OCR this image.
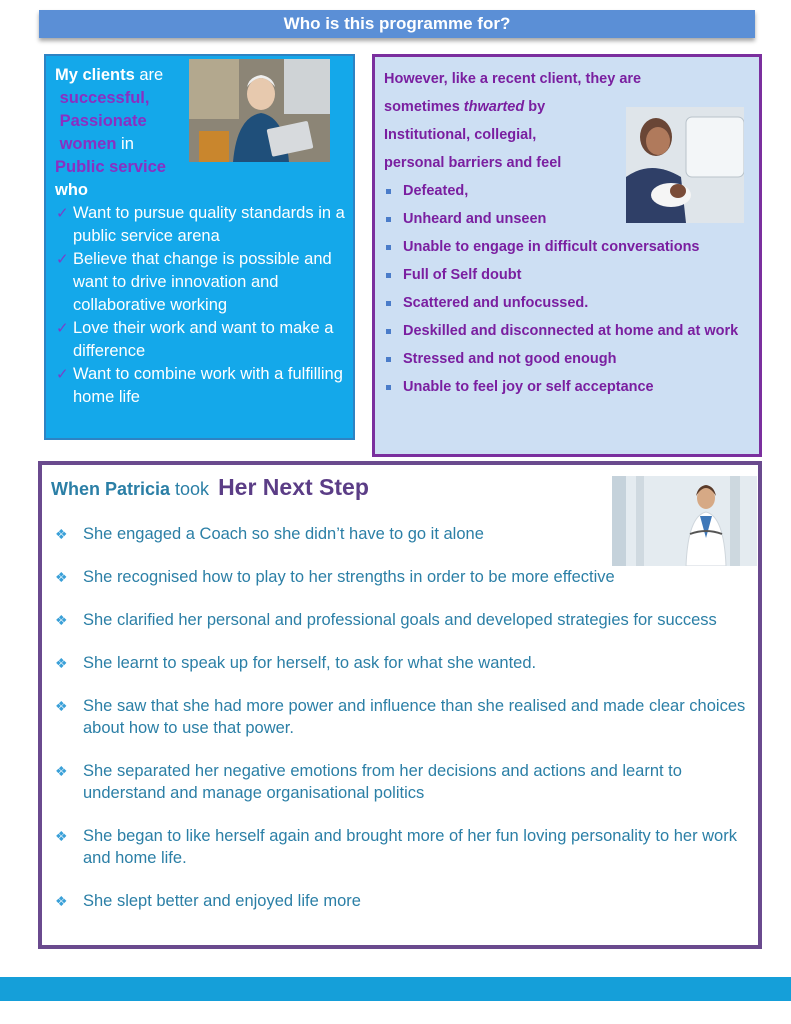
Who is this programme for?
My clients are
successful,
Passionate
women in
Public service
who
✓ Want to pursue quality standards in a public service arena
✓ Believe that change is possible and want to drive innovation and collaborative working
✓ Love their work and want to make a difference
✓ Want to combine work with a fulfilling home life
However, like a recent client, they are
sometimes thwarted by
Institutional, collegial,
personal barriers and feel
Defeated,
Unheard and unseen
Unable to engage in difficult conversations
Full of Self doubt
Scattered and unfocussed.
Deskilled and disconnected at home and at work
Stressed and not good enough
Unable to feel joy or self acceptance
When Patricia took Her Next Step
❖ She engaged a Coach so she didn’t have to go it alone
❖ She recognised how to play to her strengths in order to be more effective
❖ She clarified her personal and professional goals and developed strategies for success
❖ She learnt to speak up for herself, to ask for what she wanted.
❖ She saw that she had more power and influence than she realised and made clear choices about how to use that power.
❖ She separated her negative emotions from her decisions and actions and learnt to understand and manage organisational politics
❖ She began to like herself again and brought more of her fun loving personality to her work and home life.
❖ She slept better and enjoyed life more
